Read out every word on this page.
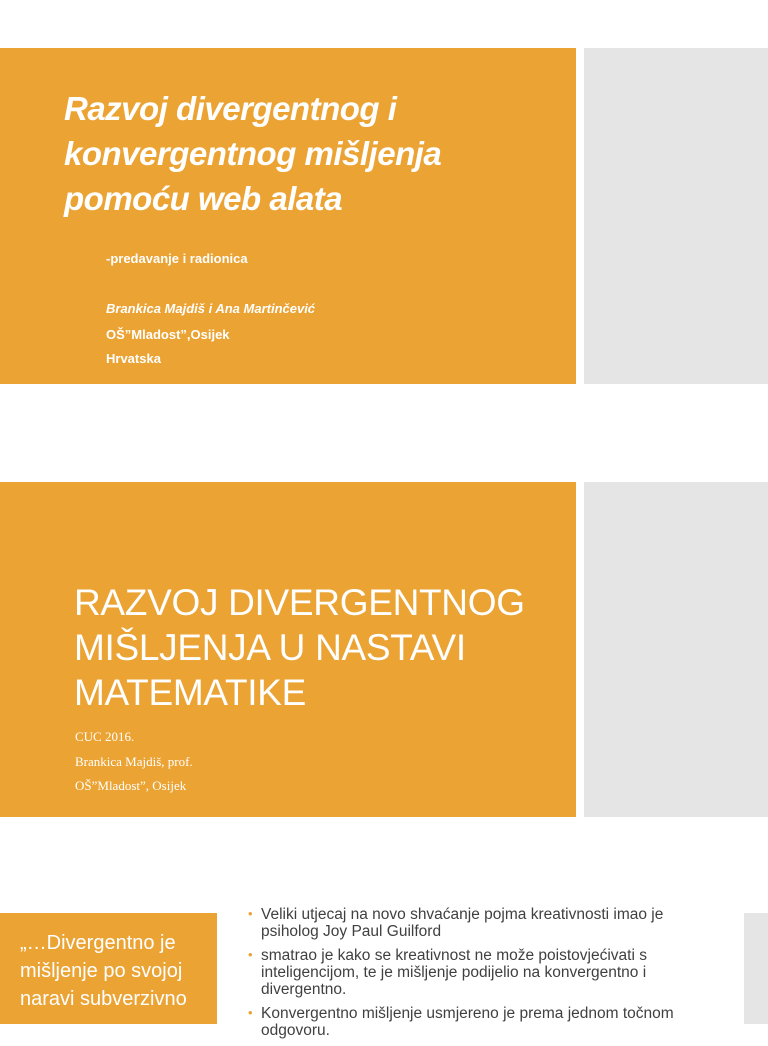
Razvoj divergentnog i konvergentnog mišljenja pomoću web alata
-predavanje i radionica
Brankica Majdiš i Ana Martinčević
OŠ”Mladost”,Osijek
Hrvatska
RAZVOJ DIVERGENTNOG MIŠLJENJA U NASTAVI MATEMATIKE
CUC 2016.
Brankica Majdiš, prof.
OŠ”Mladost”, Osijek
„…Divergentno je mišljenje po svojoj naravi subverzivno
• Veliki utjecaj na novo shvaćanje pojma kreativnosti imao je psiholog Joy Paul Guilford
• smatrao je kako se kreativnost ne može poistovjećivati s inteligencijom, te je mišljenje podijelio na konvergentno i divergentno.
• Konvergentno mišljenje usmjereno je prema jednom točnom odgovoru.
